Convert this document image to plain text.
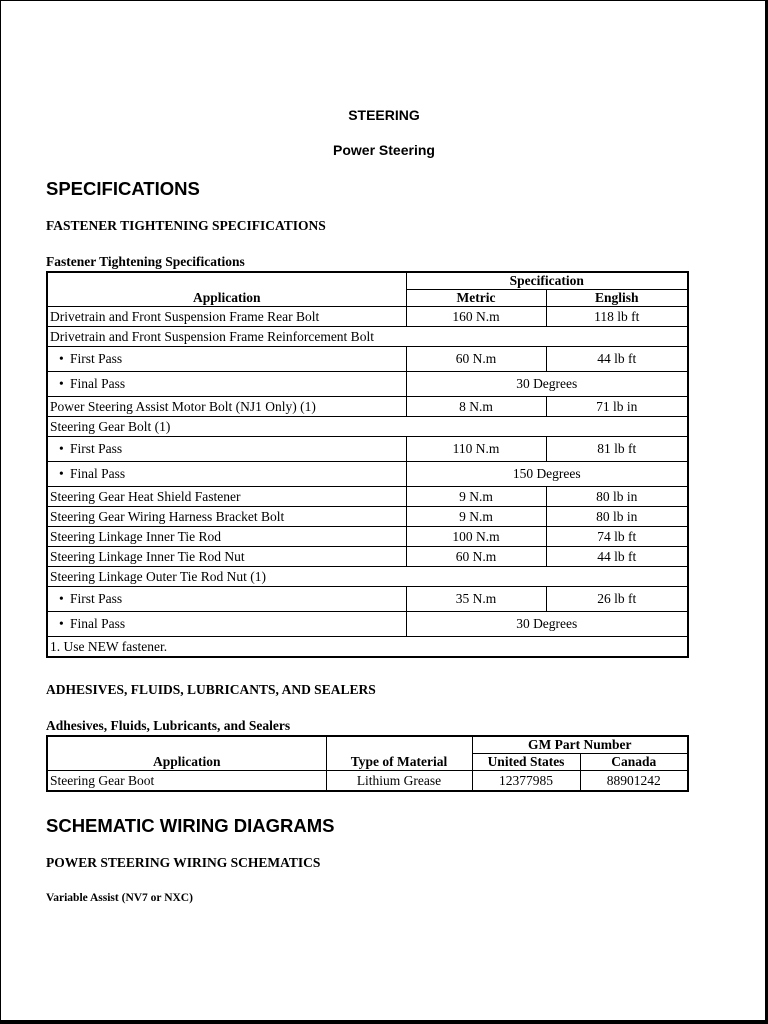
STEERING
Power Steering
SPECIFICATIONS
FASTENER TIGHTENING SPECIFICATIONS
Fastener Tightening Specifications
Application	Specification	
	Metric	English
Drivetrain and Front Suspension Frame Rear Bolt	160 N.m	118 lb ft
Drivetrain and Front Suspension Frame Reinforcement Bolt		
• First Pass	60 N.m	44 lb ft
• Final Pass	30 Degrees	
Power Steering Assist Motor Bolt (NJ1 Only) (1)	8 N.m	71 lb in
Steering Gear Bolt (1)		
• First Pass	110 N.m	81 lb ft
• Final Pass	150 Degrees	
Steering Gear Heat Shield Fastener	9 N.m	80 lb in
Steering Gear Wiring Harness Bracket Bolt	9 N.m	80 lb in
Steering Linkage Inner Tie Rod	100 N.m	74 lb ft
Steering Linkage Inner Tie Rod Nut	60 N.m	44 lb ft
Steering Linkage Outer Tie Rod Nut (1)		
• First Pass	35 N.m	26 lb ft
• Final Pass	30 Degrees	
1. Use NEW fastener.		
ADHESIVES, FLUIDS, LUBRICANTS, AND SEALERS
Adhesives, Fluids, Lubricants, and Sealers
Application	Type of Material	GM Part Number	
		United States	Canada
Steering Gear Boot	Lithium Grease	12377985	88901242
SCHEMATIC WIRING DIAGRAMS
POWER STEERING WIRING SCHEMATICS
Variable Assist (NV7 or NXC)
